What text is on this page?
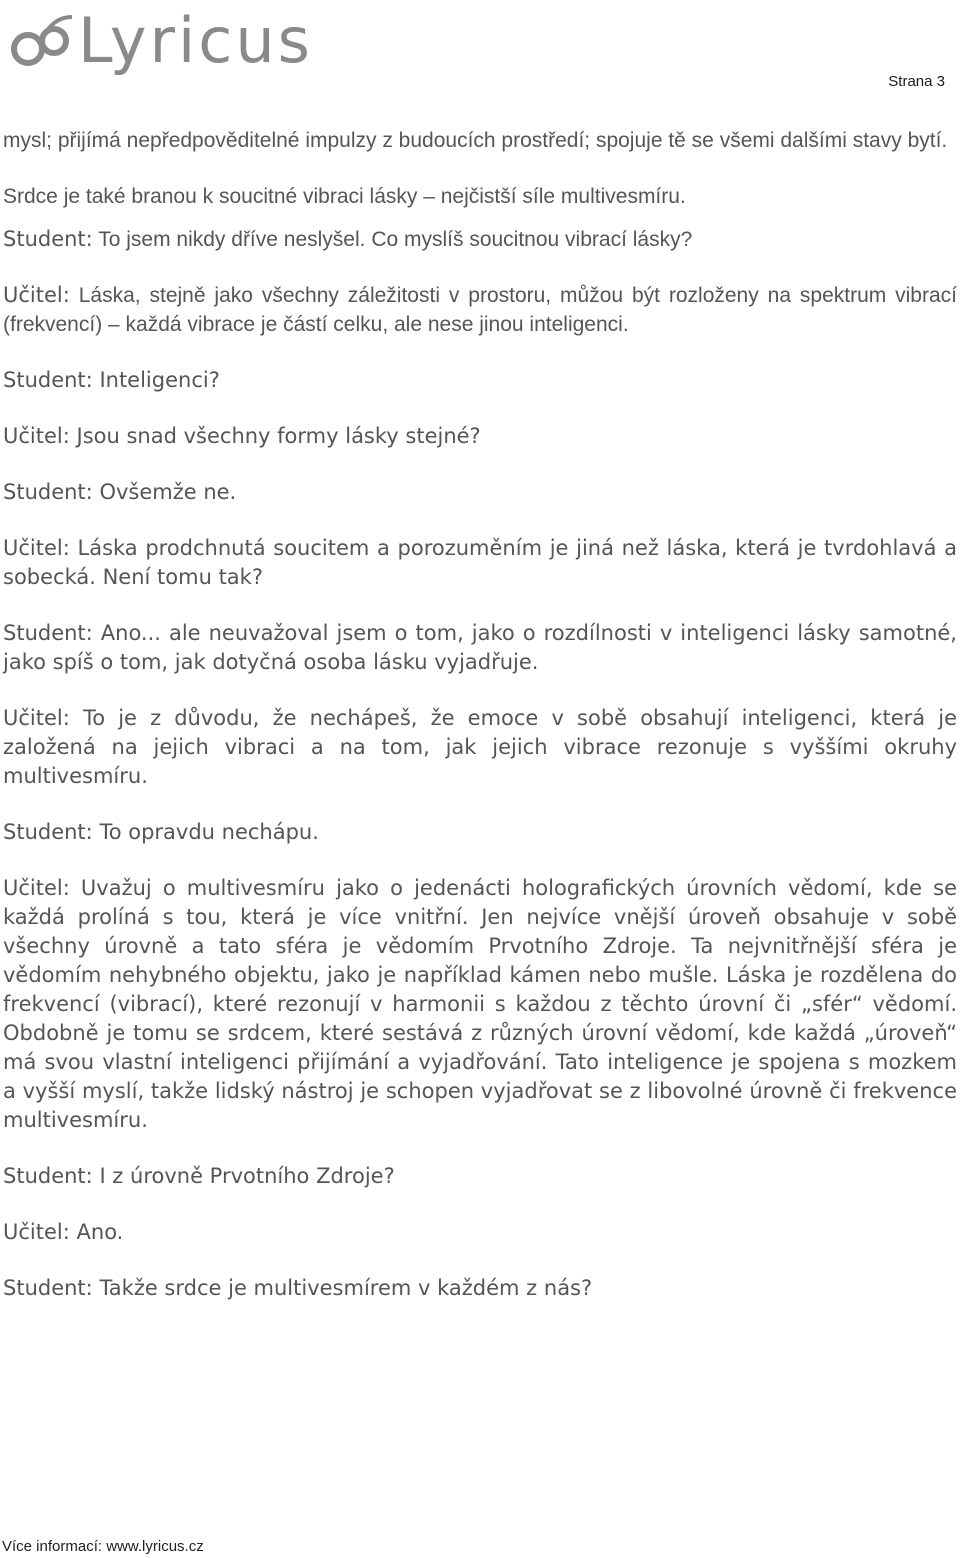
Lyricus
Strana 3

mysl; přijímá nepředpověditelné impulzy z budoucích prostředí; spojuje tě se všemi dalšími stavy bytí.

Srdce je také branou k soucitné vibraci lásky – nejčistší síle multivesmíru.

Student: To jsem nikdy dříve neslyšel. Co myslíš soucitnou vibrací lásky?

Učitel: Láska, stejně jako všechny záležitosti v prostoru, můžou být rozloženy na spektrum vibrací (frekvencí) – každá vibrace je částí celku, ale nese jinou inteligenci.

Student: Inteligenci?

Učitel: Jsou snad všechny formy lásky stejné?

Student: Ovšemže ne.

Učitel: Láska prodchnutá soucitem a porozuměním je jiná než láska, která je tvrdohlavá a sobecká. Není tomu tak?

Student: Ano... ale neuvažoval jsem o tom, jako o rozdílnosti v inteligenci lásky samotné, jako spíš o tom, jak dotyčná osoba lásku vyjadřuje.

Učitel: To je z důvodu, že nechápeš, že emoce v sobě obsahují inteligenci, která je založená na jejich vibraci a na tom, jak jejich vibrace rezonuje s vyššími okruhy multivesmíru.

Student: To opravdu nechápu.

Učitel: Uvažuj o multivesmíru jako o jedenácti holografických úrovních vědomí, kde se každá prolíná s tou, která je více vnitřní. Jen nejvíce vnější úroveň obsahuje v sobě všechny úrovně a tato sféra je vědomím Prvotního Zdroje. Ta nejvnitřnější sféra je vědomím nehybného objektu, jako je například kámen nebo mušle. Láska je rozdělena do frekvencí (vibrací), které rezonují v harmonii s každou z těchto úrovní či „sfér“ vědomí. Obdobně je tomu se srdcem, které sestává z různých úrovní vědomí, kde každá „úroveň“ má svou vlastní inteligenci přijímání a vyjadřování. Tato inteligence je spojena s mozkem a vyšší myslí, takže lidský nástroj je schopen vyjadřovat se z libovolné úrovně či frekvence multivesmíru.

Student: I z úrovně Prvotního Zdroje?

Učitel: Ano.

Student: Takže srdce je multivesmírem v každém z nás?

Více informací: www.lyricus.cz
